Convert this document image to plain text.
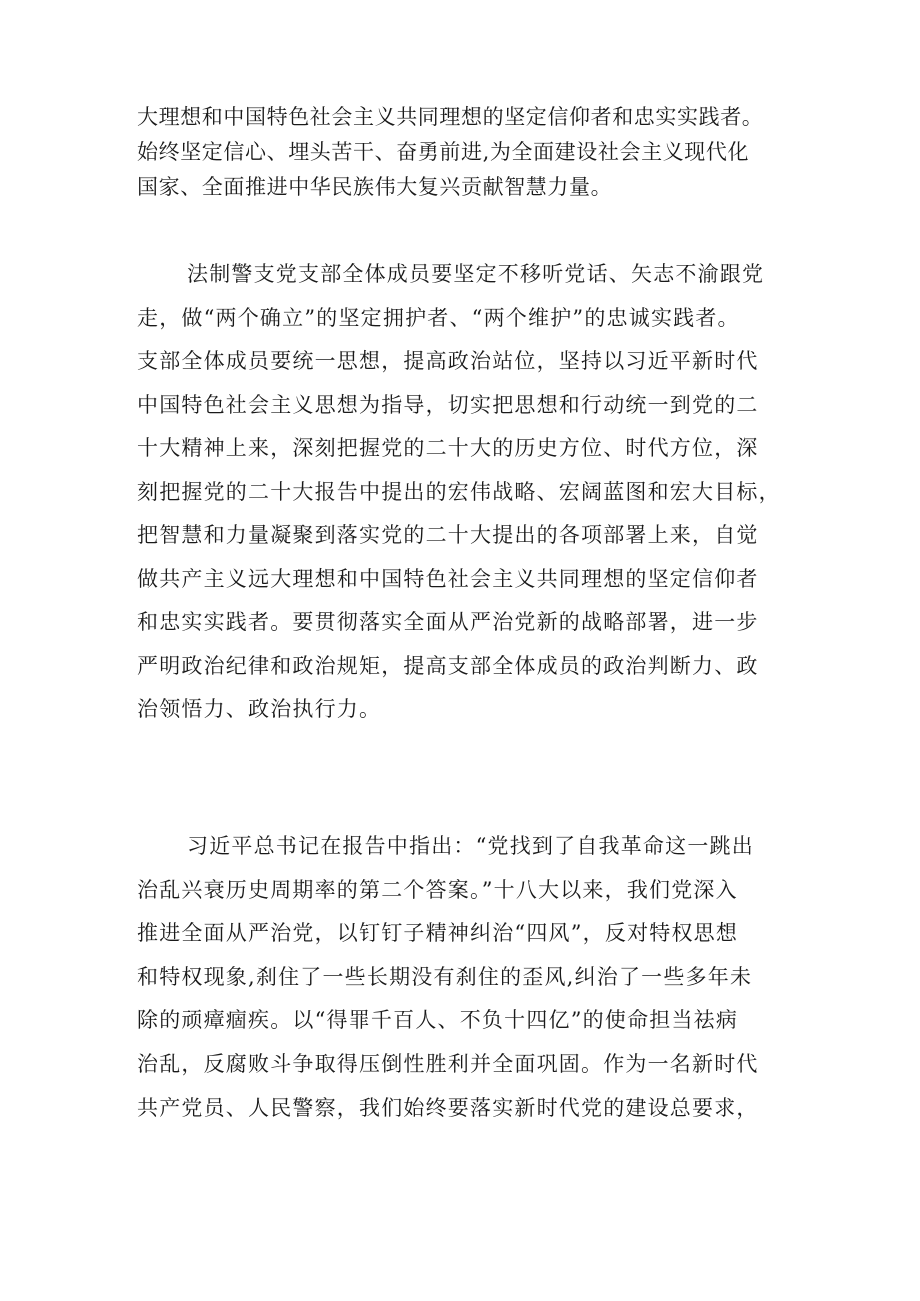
大理想和中国特色社会主义共同理想的坚定信仰者和忠实实践者。
始终坚定信心、埋头苦干、奋勇前进,为全面建设社会主义现代化
国家、全面推进中华民族伟大复兴贡献智慧力量。
法制警支党支部全体成员要坚定不移听党话、矢志不渝跟党
走，做“两个确立”的坚定拥护者、“两个维护”的忠诚实践者。
支部全体成员要统一思想，提高政治站位，坚持以习近平新时代
中国特色社会主义思想为指导，切实把思想和行动统一到党的二
十大精神上来，深刻把握党的二十大的历史方位、时代方位，深
刻把握党的二十大报告中提出的宏伟战略、宏阔蓝图和宏大目标，
把智慧和力量凝聚到落实党的二十大提出的各项部署上来，自觉
做共产主义远大理想和中国特色社会主义共同理想的坚定信仰者
和忠实实践者。要贯彻落实全面从严治党新的战略部署，进一步
严明政治纪律和政治规矩，提高支部全体成员的政治判断力、政
治领悟力、政治执行力。
习近平总书记在报告中指出：“党找到了自我革命这一跳出
治乱兴衰历史周期率的第二个答案。”十八大以来，我们党深入
推进全面从严治党，以钉钉子精神纠治“四风”，反对特权思想
和特权现象,刹住了一些长期没有刹住的歪风,纠治了一些多年未
除的顽瘴痼疾。以“得罪千百人、不负十四亿”的使命担当祛病
治乱，反腐败斗争取得压倒性胜利并全面巩固。作为一名新时代
共产党员、人民警察，我们始终要落实新时代党的建设总要求，
